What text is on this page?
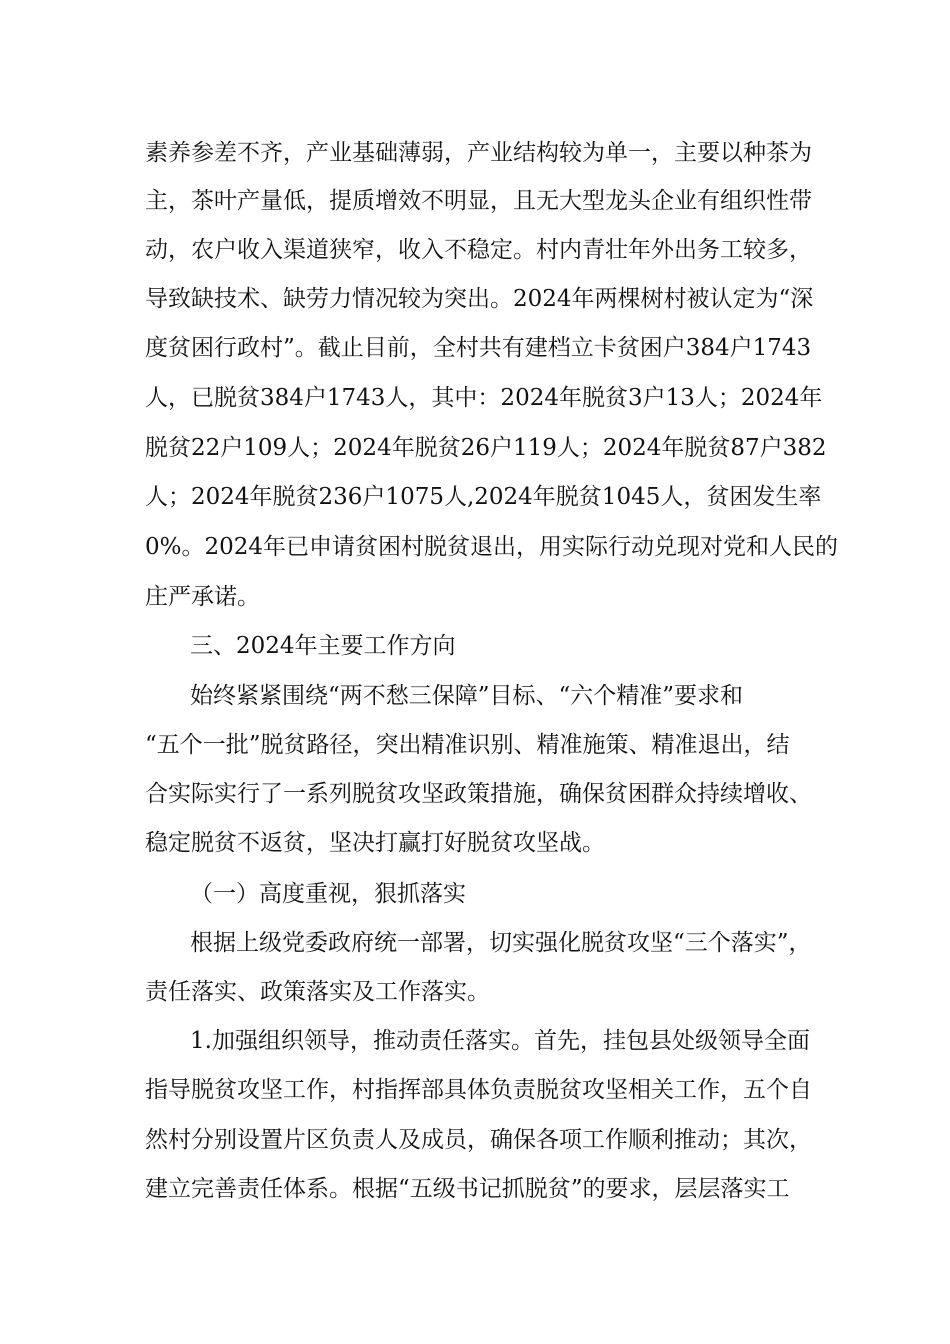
素养参差不齐，产业基础薄弱，产业结构较为单一，主要以种茶为
主，茶叶产量低，提质增效不明显，且无大型龙头企业有组织性带
动，农户收入渠道狭窄，收入不稳定。村内青壮年外出务工较多，
导致缺技术、缺劳力情况较为突出。2024年两棵树村被认定为“深
度贫困行政村”。截止目前，全村共有建档立卡贫困户384户1743
人，已脱贫384户1743人，其中：2024年脱贫3户13人；2024年
脱贫22户109人；2024年脱贫26户119人；2024年脱贫87户382
人；2024年脱贫236户1075人,2024年脱贫1045人，贫困发生率
0%。2024年已申请贫困村脱贫退出，用实际行动兑现对党和人民的
庄严承诺。
三、2024年主要工作方向
始终紧紧围绕“两不愁三保障”目标、“六个精准”要求和
“五个一批”脱贫路径，突出精准识别、精准施策、精准退出，结
合实际实行了一系列脱贫攻坚政策措施，确保贫困群众持续增收、
稳定脱贫不返贫，坚决打赢打好脱贫攻坚战。
（一）高度重视，狠抓落实
根据上级党委政府统一部署，切实强化脱贫攻坚“三个落实”，
责任落实、政策落实及工作落实。
1.加强组织领导，推动责任落实。首先，挂包县处级领导全面
指导脱贫攻坚工作，村指挥部具体负责脱贫攻坚相关工作，五个自
然村分别设置片区负责人及成员，确保各项工作顺利推动；其次，
建立完善责任体系。根据“五级书记抓脱贫”的要求，层层落实工
